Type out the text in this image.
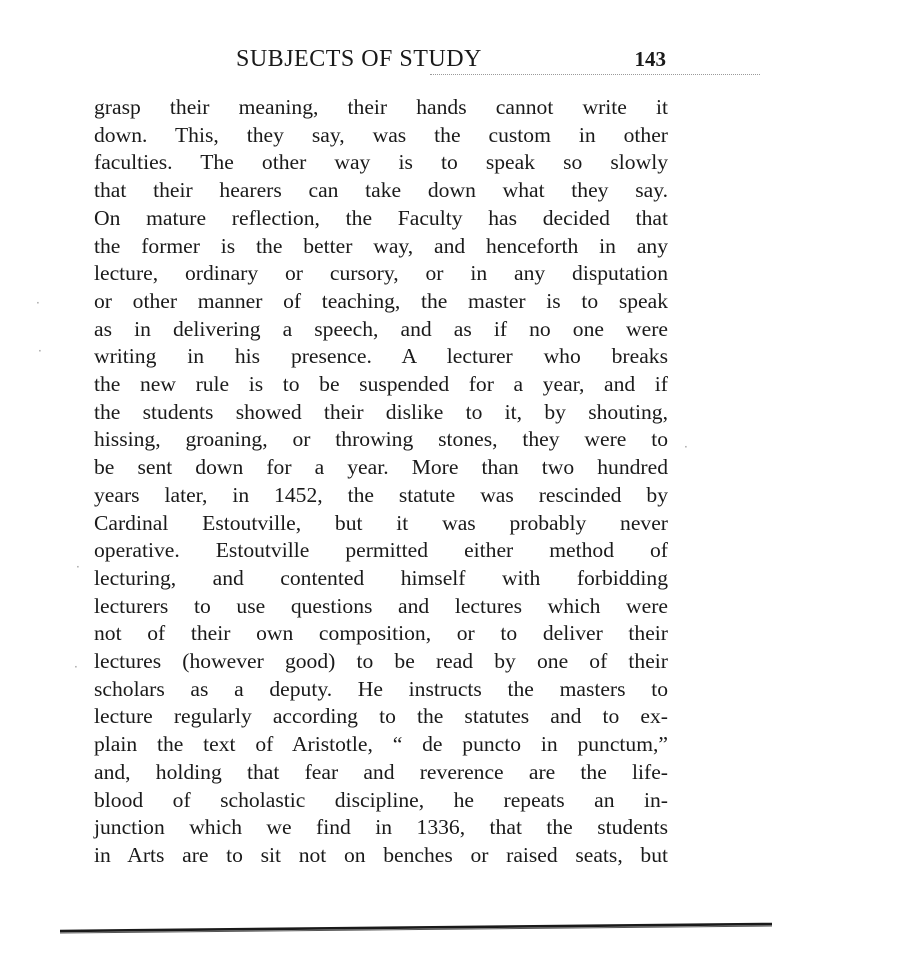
SUBJECTS OF STUDY	143
grasp their meaning, their hands cannot write it
down. This, they say, was the custom in other
faculties. The other way is to speak so slowly
that their hearers can take down what they say.
On mature reflection, the Faculty has decided that
the former is the better way, and henceforth in any
lecture, ordinary or cursory, or in any disputation
or other manner of teaching, the master is to speak
as in delivering a speech, and as if no one were
writing in his presence. A lecturer who breaks
the new rule is to be suspended for a year, and if
the students showed their dislike to it, by shouting,
hissing, groaning, or throwing stones, they were to
be sent down for a year. More than two hundred
years later, in 1452, the statute was rescinded by
Cardinal Estoutville, but it was probably never
operative. Estoutville permitted either method of
lecturing, and contented himself with forbidding
lecturers to use questions and lectures which were
not of their own composition, or to deliver their
lectures (however good) to be read by one of their
scholars as a deputy. He instructs the masters to
lecture regularly according to the statutes and to ex-
plain the text of Aristotle, “ de puncto in punctum,”
and, holding that fear and reverence are the life-
blood of scholastic discipline, he repeats an in-
junction which we find in 1336, that the students
in Arts are to sit not on benches or raised seats, but
·
·
·
·
·
